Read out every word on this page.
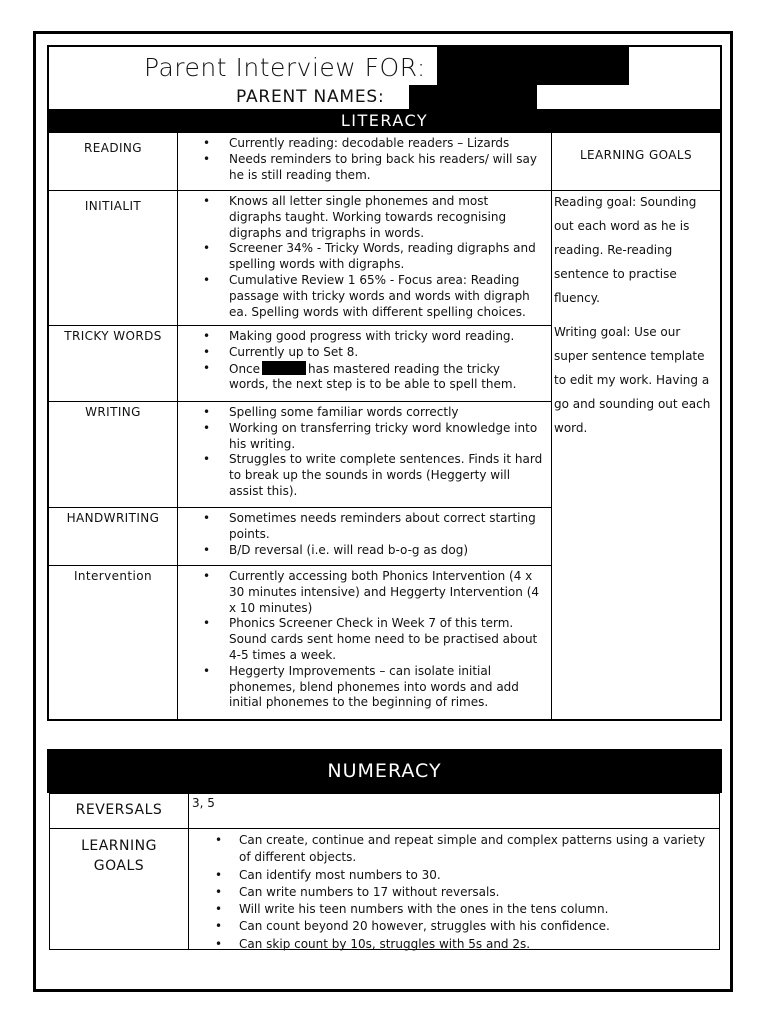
Parent Interview FOR:
PARENT NAMES:
LITERACY
LEARNING GOALS

Reading goal: Sounding out each word as he is reading. Re-reading sentence to practise fluency.

Writing goal: Use our super sentence template to edit my work. Having a go and sounding out each word.

READING	• Currently reading: decodable readers – Lizards
• Needs reminders to bring back his readers/ will say he is still reading them.
INITIALIT	• Knows all letter single phonemes and most digraphs taught. Working towards recognising digraphs and trigraphs in words.
• Screener 34% - Tricky Words, reading digraphs and spelling words with digraphs.
• Cumulative Review 1 65% - Focus area: Reading passage with tricky words and words with digraph ea. Spelling words with different spelling choices.
TRICKY WORDS	• Making good progress with tricky word reading.
• Currently up to Set 8.
• Once	has mastered reading the tricky words, the next step is to be able to spell them.
WRITING	• Spelling some familiar words correctly
• Working on transferring tricky word knowledge into his writing.
• Struggles to write complete sentences. Finds it hard to break up the sounds in words (Heggerty will assist this).
HANDWRITING	• Sometimes needs reminders about correct starting points.
• B/D reversal (i.e. will read b-o-g as dog)
Intervention	• Currently accessing both Phonics Intervention (4 x 30 minutes intensive) and Heggerty Intervention (4 x 10 minutes)
• Phonics Screener Check in Week 7 of this term. Sound cards sent home need to be practised about 4-5 times a week.
• Heggerty Improvements – can isolate initial phonemes, blend phonemes into words and add initial phonemes to the beginning of rimes.
NUMERACY
REVERSALS	3, 5
LEARNING
GOALS
• Can create, continue and repeat simple and complex patterns using a variety of different objects.
• Can identify most numbers to 30.
• Can write numbers to 17 without reversals.
• Will write his teen numbers with the ones in the tens column.
• Can count beyond 20 however, struggles with his confidence.
• Can skip count by 10s, struggles with 5s and 2s.
